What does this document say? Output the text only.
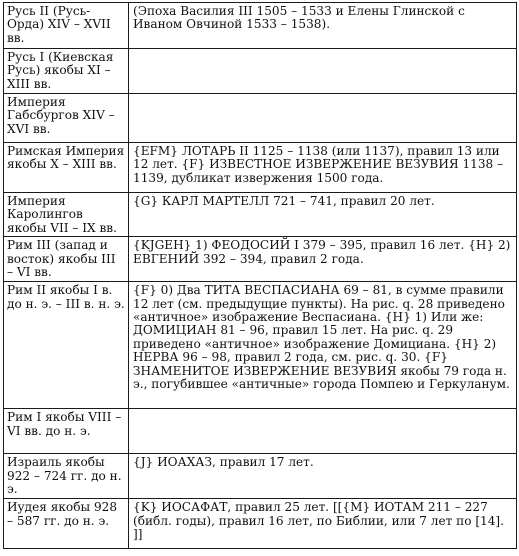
Русь II (Русь-Орда) XIV – XVII вв.	(Эпоха Василия III 1505 – 1533 и Елены Глинской с Иваном Овчиной 1533 – 1538).
Русь I (Киевская Русь) якобы XI – XIII вв.	
Империя Габсбургов XIV – XVI вв.	
Римская Империя якобы X – XIII вв.	{EFM} ЛОТАРЬ II 1125 – 1138 (или 1137), правил 13 или 12 лет. {F} ИЗВЕСТНОЕ ИЗВЕРЖЕНИЕ ВЕЗУВИЯ 1138 – 1139, дубликат извержения 1500 года.
Империя Каролингов якобы VII – IX вв.	{G} КАРЛ МАРТЕЛЛ 721 – 741, правил 20 лет.
Рим III (запад и восток) якобы III – VI вв.	{KJGEH} 1) ФЕОДОСИЙ I 379 – 395, правил 16 лет. {H} 2) ЕВГЕНИЙ 392 – 394, правил 2 года.
Рим II якобы I в. до н. э. – III в. н. э.	{F} 0) Два ТИТА ВЕСПАСИАНА 69 – 81, в сумме правили 12 лет (см. предыдущие пункты). На рис. q. 28 приведено «античное» изображение Веспасиана. {H} 1) Или же: ДОМИЦИАН 81 – 96, правил 15 лет. На рис. q. 29 приведено «античное» изображение Домициана. {H} 2) НЕРВА 96 – 98, правил 2 года, см. рис. q. 30. {F} ЗНАМЕНИТОЕ ИЗВЕРЖЕНИЕ ВЕЗУВИЯ якобы 79 года н. э., погубившее «античные» города Помпею и Геркуланум.
Рим I якобы VIII – VI вв. до н. э.	
Израиль якобы 922 – 724 гг. до н. э.	{J} ИОАХАЗ, правил 17 лет.
Иудея якобы 928 – 587 гг. до н. э.	{K} ИОСАФАТ, правил 25 лет. [[{M} ИОТАМ 211 – 227 (библ. годы), правил 16 лет, по Библии, или 7 лет по [14]. ]]
